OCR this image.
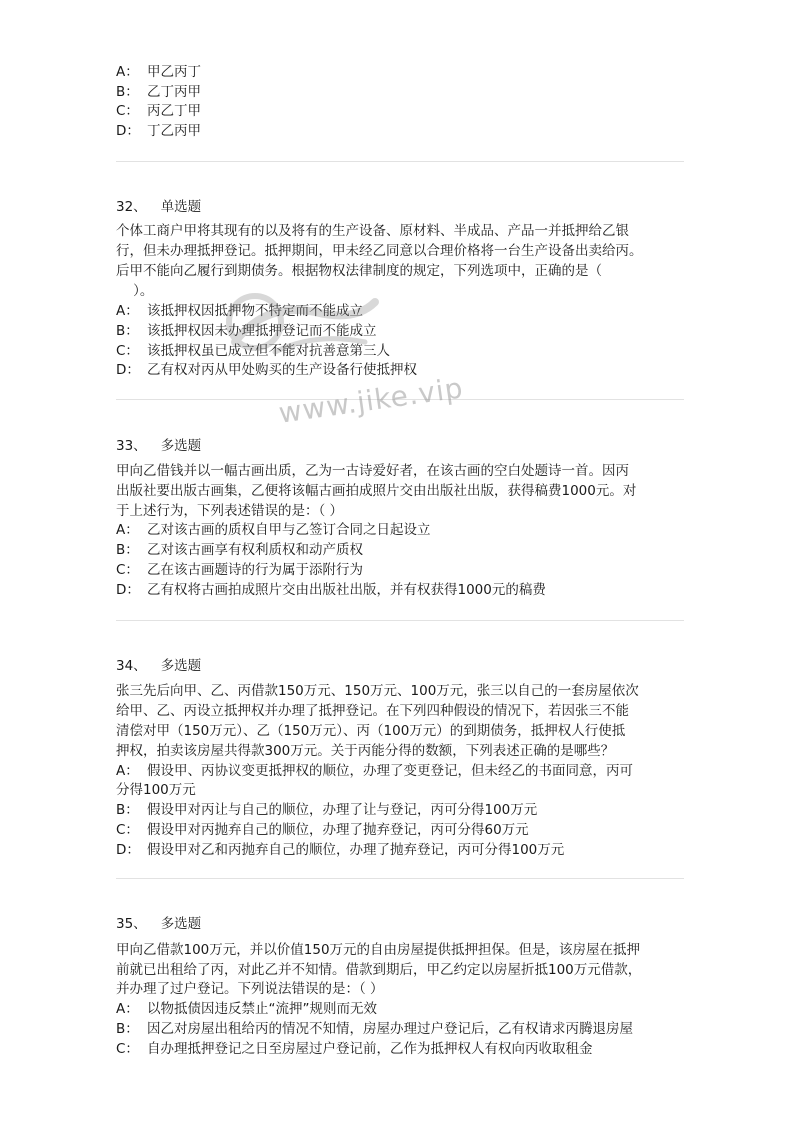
A： 甲乙丙丁
B： 乙丁丙甲
C： 丙乙丁甲
D： 丁乙丙甲
32、 单选题
个体工商户甲将其现有的以及将有的生产设备、原材料、半成品、产品一并抵押给乙银
行，但未办理抵押登记。抵押期间，甲未经乙同意以合理价格将一台生产设备出卖给丙。
后甲不能向乙履行到期债务。根据物权法律制度的规定，下列选项中，正确的是（
）。
A： 该抵押权因抵押物不特定而不能成立
B： 该抵押权因未办理抵押登记而不能成立
C： 该抵押权虽已成立但不能对抗善意第三人
D： 乙有权对丙从甲处购买的生产设备行使抵押权
33、 多选题
甲向乙借钱并以一幅古画出质，乙为一古诗爱好者，在该古画的空白处题诗一首。因丙
出版社要出版古画集，乙便将该幅古画拍成照片交由出版社出版，获得稿费1000元。对
于上述行为，下列表述错误的是：（ ）
A： 乙对该古画的质权自甲与乙签订合同之日起设立
B： 乙对该古画享有权利质权和动产质权
C： 乙在该古画题诗的行为属于添附行为
D： 乙有权将古画拍成照片交由出版社出版，并有权获得1000元的稿费
34、 多选题
张三先后向甲、乙、丙借款150万元、150万元、100万元，张三以自己的一套房屋依次
给甲、乙、丙设立抵押权并办理了抵押登记。在下列四种假设的情况下，若因张三不能
清偿对甲（150万元）、乙（150万元）、丙（100万元）的到期债务，抵押权人行使抵
押权，拍卖该房屋共得款300万元。关于丙能分得的数额，下列表述正确的是哪些？
A： 假设甲、丙协议变更抵押权的顺位，办理了变更登记，但未经乙的书面同意，丙可
分得100万元
B： 假设甲对丙让与自己的顺位，办理了让与登记，丙可分得100万元
C： 假设甲对丙抛弃自己的顺位，办理了抛弃登记，丙可分得60万元
D： 假设甲对乙和丙抛弃自己的顺位，办理了抛弃登记，丙可分得100万元
35、 多选题
甲向乙借款100万元，并以价值150万元的自由房屋提供抵押担保。但是，该房屋在抵押
前就已出租给了丙，对此乙并不知情。借款到期后，甲乙约定以房屋折抵100万元借款，
并办理了过户登记。下列说法错误的是：（ ）
A： 以物抵债因违反禁止“流押”规则而无效
B： 因乙对房屋出租给丙的情况不知情，房屋办理过户登记后，乙有权请求丙腾退房屋
C： 自办理抵押登记之日至房屋过户登记前，乙作为抵押权人有权向丙收取租金
www.jike.vip
